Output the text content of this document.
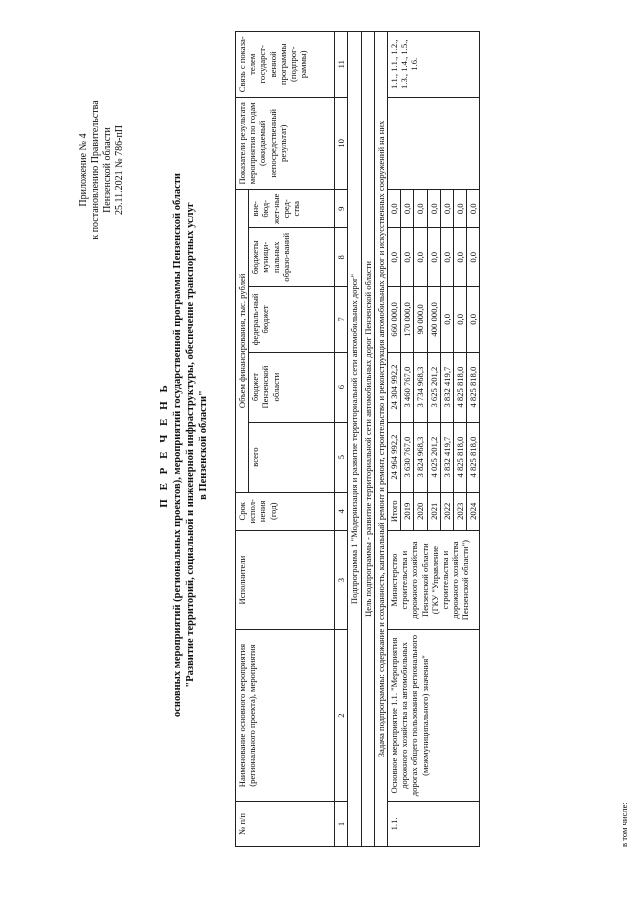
Приложение № 4 к постановлению Правительства Пензенской области 25.11.2021 № 786-пП
П Е Р Е Ч Е Н Ь основных мероприятий (региональных проектов), мероприятий государственной программы Пензенской области "Развитие территорий, социальной и инженерной инфраструктуры, обеспечение транспортных услуг в Пензенской области"
№ п/п	Наименование основного мероприятия (регионального проекта), мероприятия	Исполнители	Срок испол-нения (год)	Объем финансирования, тыс. рублей					Показатели результата мероприятия по годам (ожидаемый непосредственный результат)	Связь с показа-телем государст-венной программы (подпрог-раммы)
				всего	бюджет Пензенской области	федераль-ный бюджет	бюджеты муници-пальных образо-ваний	вне-бюд-жет-ные сред-ства		
1	2	3	4	5	6	7	8	9	10	11
Подпрограмма 1 "Модернизация и развитие территориальной сети автомобильных дорог"										
Цель подпрограммы - развитие территориальной сети автомобильных дорог Пензенской области										
Задача подпрограммы: содержание и сохранность, капитальный ремонт и ремонт, строительство и реконструкция автомобильных дорог и искусственных сооружений на них										
1.1.	Основное мероприятие 1.1. "Мероприятия дорожного хозяйства на автомобильных дорогах общего пользования регионального (межмуниципального) значения"	Министерство строительства и дорожного хозяйства Пензенской области (ГКУ "Управление строительства и дорожного хозяйства Пензенской области")	Итого	24 964 992,2	24 304 992,2	660 000,0	0,0	0,0		1.1., 1.1., 1.2., 1.3., 1.4., 1.5., 1.6.
			2019	3 630 767,0	3 460 767,0	170 000,0	0,0	0,0		
			2020	3 824 968,3	3 734 968,3	90 000,0	0,0	0,0		
			2021	4 025 201,2	3 625 201,2	400 000,0	0,0	0,0		
			2022	3 832 419,7	3 832 419,7	0,0	0,0	0,0		
			2023	4 825 818,0	4 825 818,0	0,0	0,0	0,0		
			2024	4 825 818,0	4 825 818,0	0,0	0,0	0,0		
в том числе:
